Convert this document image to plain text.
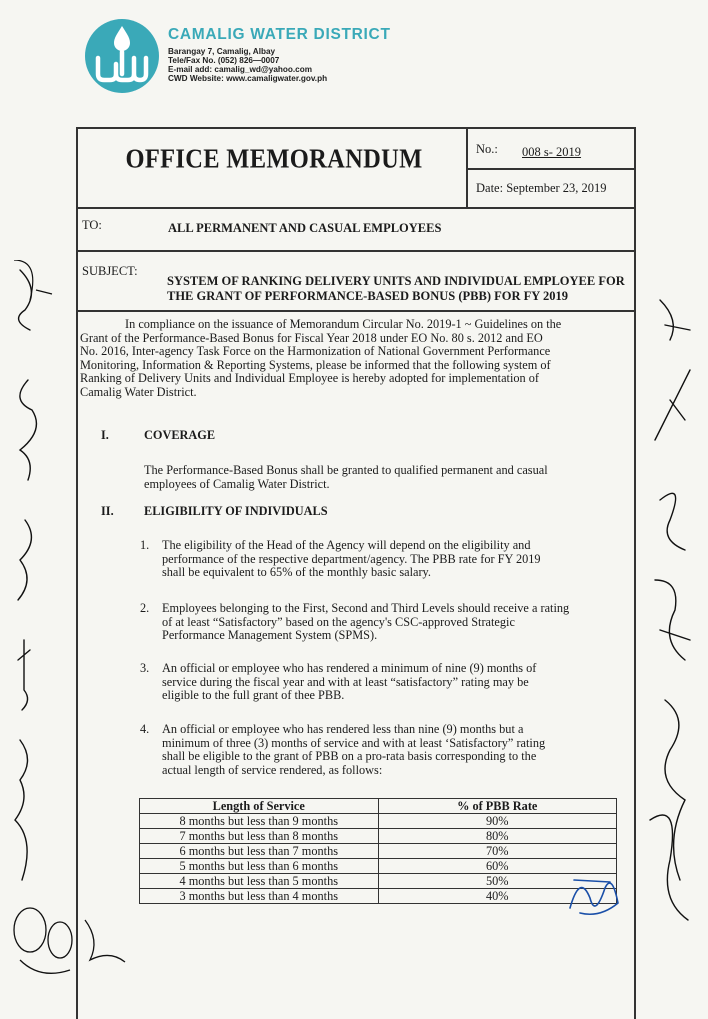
CAMALIG WATER DISTRICT
Barangay 7, Camalig, Albay
Tele/Fax No. (052) 826—0007
E-mail add: camalig_wd@yahoo.com
CWD Website: www.camaligwater.gov.ph
OFFICE MEMORANDUM	No.: 008 s- 2019
Date: September 23, 2019
TO:	ALL PERMANENT AND CASUAL EMPLOYEES
SUBJECT:
SYSTEM OF RANKING DELIVERY UNITS AND INDIVIDUAL EMPLOYEE FOR
THE GRANT OF PERFORMANCE-BASED BONUS (PBB) FOR FY 2019
In compliance on the issuance of Memorandum Circular No. 2019-1 ~ Guidelines on the
Grant of the Performance-Based Bonus for Fiscal Year 2018 under EO No. 80 s. 2012 and EO
No. 2016, Inter-agency Task Force on the Harmonization of National Government Performance
Monitoring, Information & Reporting Systems, please be informed that the following system of
Ranking of Delivery Units and Individual Employee is hereby adopted for implementation of
Camalig Water District.
I.	COVERAGE
The Performance-Based Bonus shall be granted to qualified permanent and casual
employees of Camalig Water District.
II. ELIGIBILITY OF INDIVIDUALS
1.	The eligibility of the Head of the Agency will depend on the eligibility and
performance of the respective department/agency. The PBB rate for FY 2019
shall be equivalent to 65% of the monthly basic salary.
2.	Employees belonging to the First, Second and Third Levels should receive a rating
of at least “Satisfactory” based on the agency's CSC-approved Strategic
Performance Management System (SPMS).
3.	An official or employee who has rendered a minimum of nine (9) months of
service during the fiscal year and with at least “satisfactory” rating may be
eligible to the full grant of thee PBB.
4.	An official or employee who has rendered less than nine (9) months but a
minimum of three (3) months of service and with at least ‘Satisfactory” rating
shall be eligible to the grant of PBB on a pro-rata basis corresponding to the
actual length of service rendered, as follows:
Length of Service	% of PBB Rate
8 months but less than 9 months	90%
7 months but less than 8 months	80%
6 months but less than 7 months	70%
5 months but less than 6 months	60%
4 months but less than 5 months	50%
3 months but less than 4 months	40%
